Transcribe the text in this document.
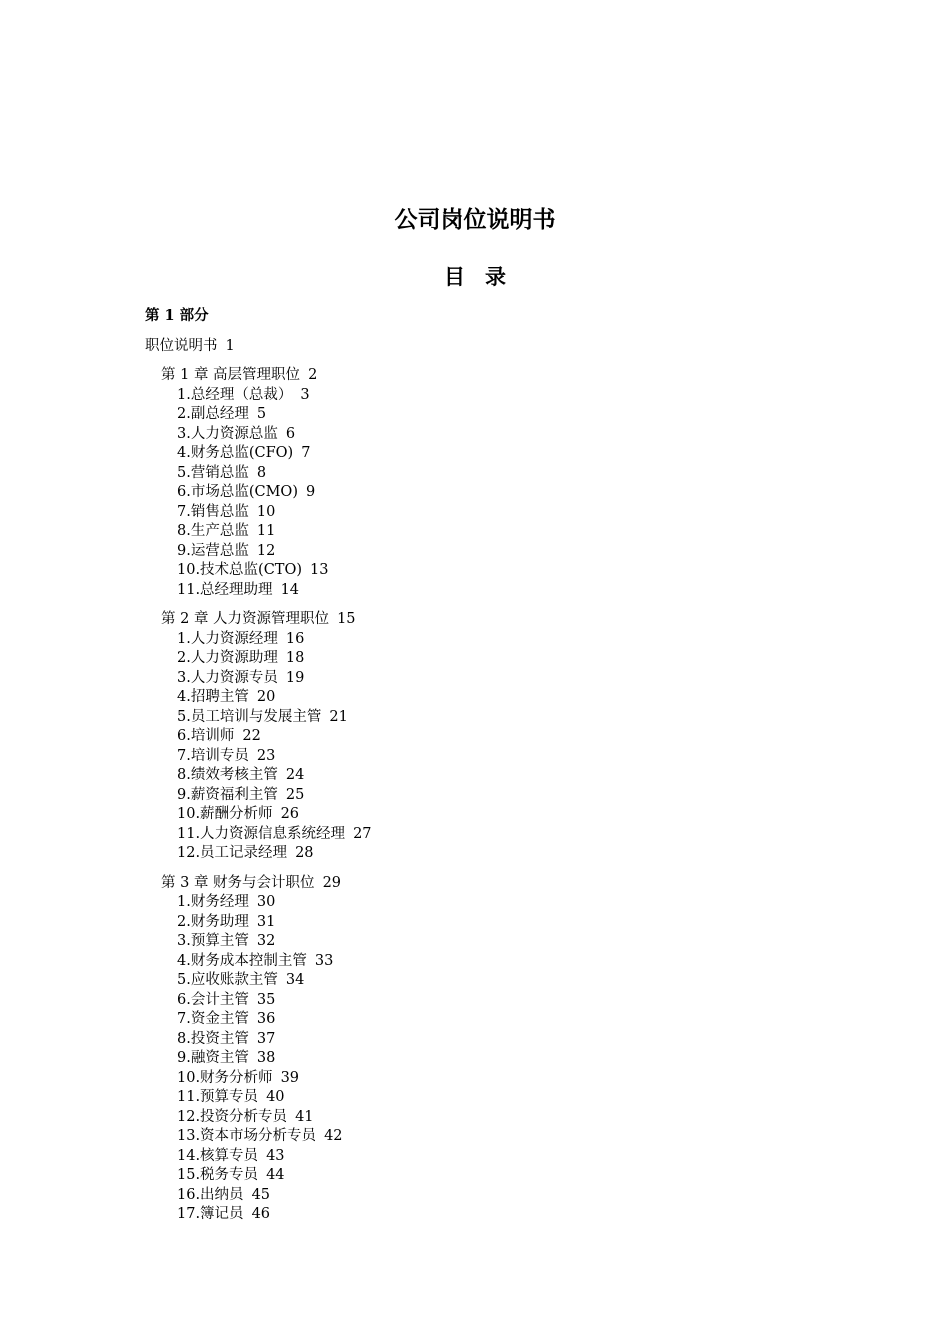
公司岗位说明书
目录
第 1 部分
职位说明书 1
第 1 章 高层管理职位 2
1.总经理（总裁） 3
2.副总经理 5
3.人力资源总监 6
4.财务总监(CFO) 7
5.营销总监 8
6.市场总监(CMO) 9
7.销售总监 10
8.生产总监 11
9.运营总监 12
10.技术总监(CTO) 13
11.总经理助理 14
第 2 章 人力资源管理职位 15
1.人力资源经理 16
2.人力资源助理 18
3.人力资源专员 19
4.招聘主管 20
5.员工培训与发展主管 21
6.培训师 22
7.培训专员 23
8.绩效考核主管 24
9.薪资福利主管 25
10.薪酬分析师 26
11.人力资源信息系统经理 27
12.员工记录经理 28
第 3 章 财务与会计职位 29
1.财务经理 30
2.财务助理 31
3.预算主管 32
4.财务成本控制主管 33
5.应收账款主管 34
6.会计主管 35
7.资金主管 36
8.投资主管 37
9.融资主管 38
10.财务分析师 39
11.预算专员 40
12.投资分析专员 41
13.资本市场分析专员 42
14.核算专员 43
15.税务专员 44
16.出纳员 45
17.簿记员 46
